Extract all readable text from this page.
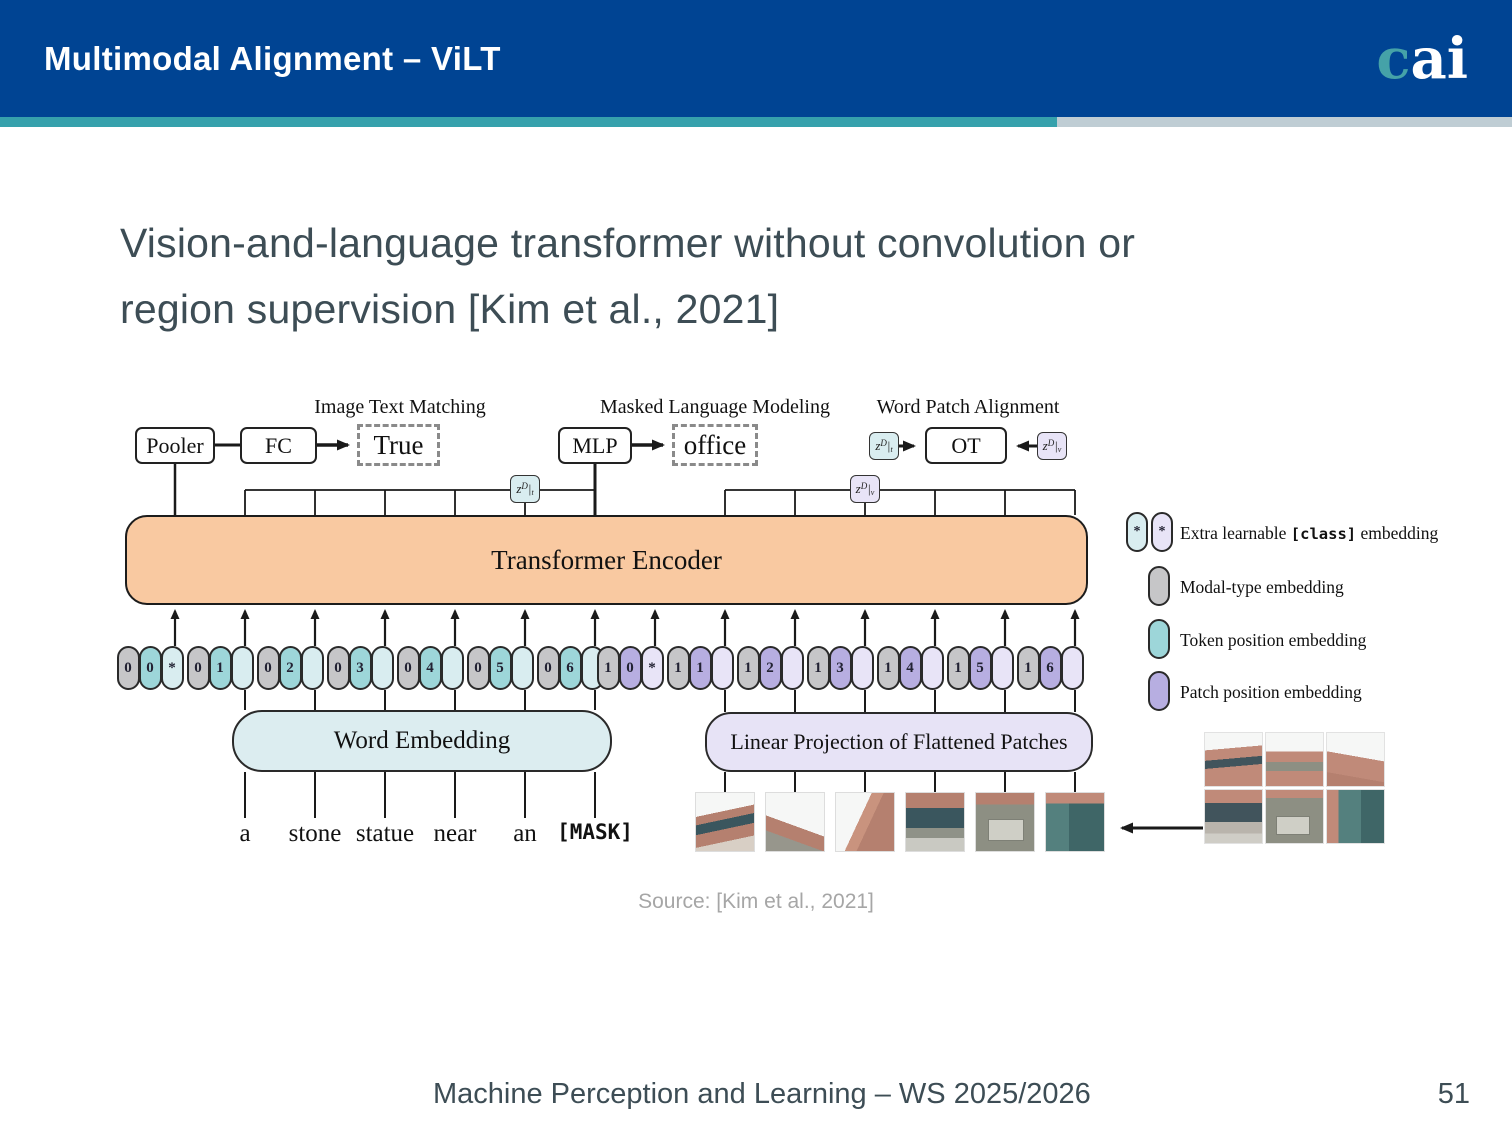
Multimodal Alignment – ViLT	cai
Vision-and-language transformer without convolution or
region supervision [Kim et al., 2021]
Image Text Matching	Masked Language Modeling Word Patch Alignment
Pooler	FC	True	MLP	office	$z^D$ $|_t$	OT	$z^D$ $|_v$
$z^D$ $|_t$	$z^D$ $|_v$
Transformer Encoder
0 0 *	0 1	0 2	0 3	0 4	0 5	0 6	1 0 *	1 1	1 2	1 3	1 4	1 5	1 6
Word Embedding	Linear Projection of Flattened Patches
a stone statue near an [MASK]
*	* Extra learnable [class] embedding
Modal-type embedding
Token position embedding
Patch position embedding
Source: [Kim et al., 2021]
Machine Perception and Learning – WS 2025/2026	51
